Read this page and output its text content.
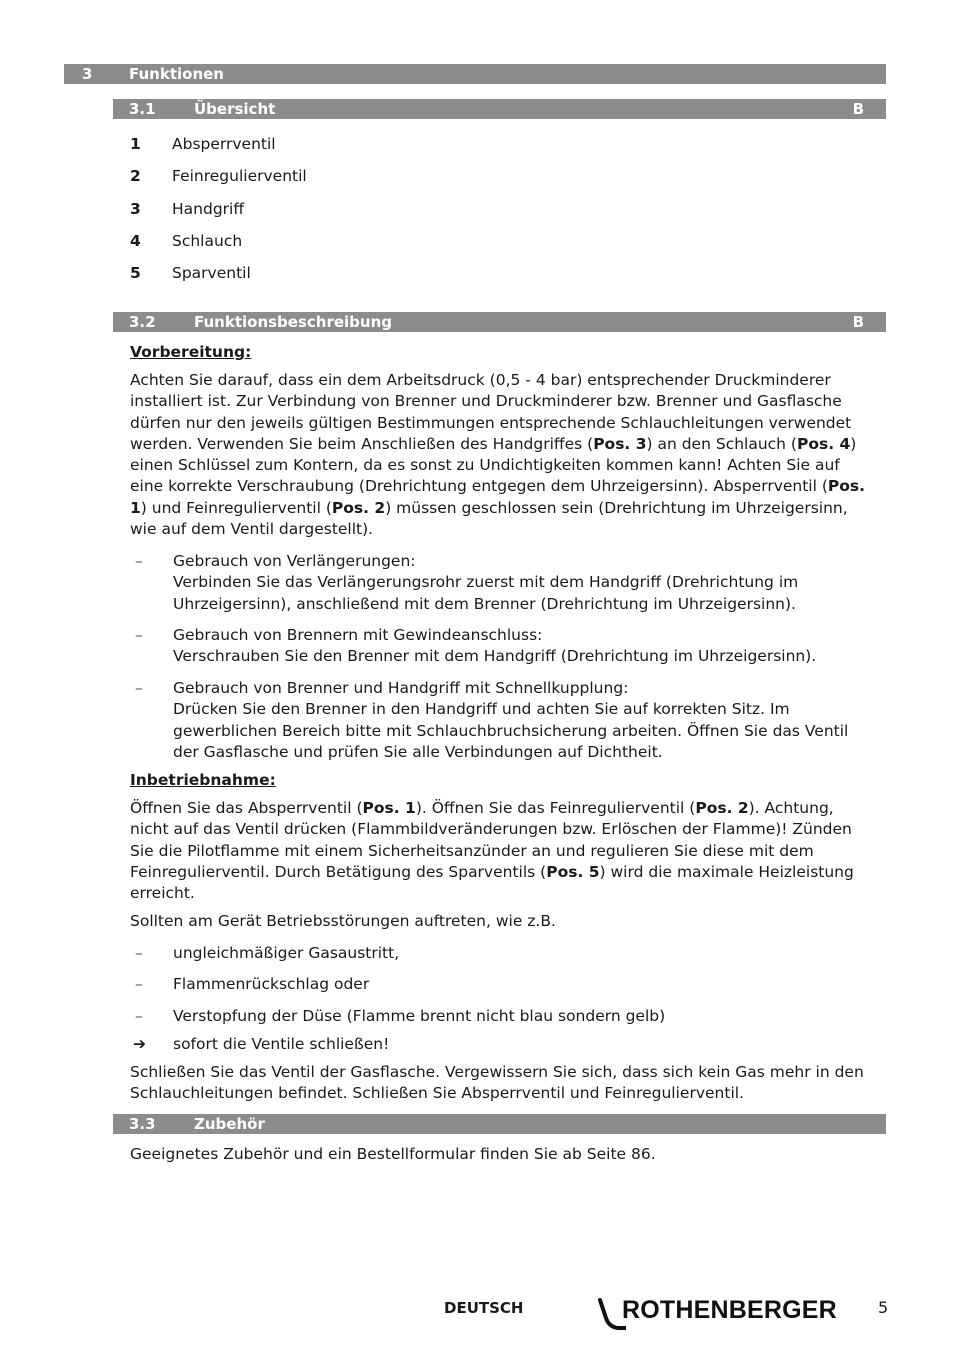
3 Funktionen
3.1	Übersicht	B
1	Absperrventil
2	Feinregulierventil
3	Handgriff
4	Schlauch
5	Sparventil
3.2	Funktionsbeschreibung	B
Vorbereitung:
Achten Sie darauf, dass ein dem Arbeitsdruck (0,5 - 4 bar) entsprechender Druckminderer installiert ist. Zur Verbindung von Brenner und Druckminderer bzw. Brenner und Gasflasche dürfen nur den jeweils gültigen Bestimmungen entsprechende Schlauchleitungen verwendet werden. Verwenden Sie beim Anschließen des Handgriffes (Pos. 3) an den Schlauch (Pos. 4) einen Schlüssel zum Kontern, da es sonst zu Undichtigkeiten kommen kann! Achten Sie auf eine korrekte Verschraubung (Drehrichtung entgegen dem Uhrzeigersinn). Absperrventil (Pos. 1) und Feinregulierventil (Pos. 2) müssen geschlossen sein (Drehrichtung im Uhrzeigersinn, wie auf dem Ventil dargestellt).
– Gebrauch von Verlängerungen:
Verbinden Sie das Verlängerungsrohr zuerst mit dem Handgriff (Drehrichtung im Uhrzeigersinn), anschließend mit dem Brenner (Drehrichtung im Uhrzeigersinn).
– Gebrauch von Brennern mit Gewindeanschluss:
Verschrauben Sie den Brenner mit dem Handgriff (Drehrichtung im Uhrzeigersinn).
– Gebrauch von Brenner und Handgriff mit Schnellkupplung:
Drücken Sie den Brenner in den Handgriff und achten Sie auf korrekten Sitz. Im gewerblichen Bereich bitte mit Schlauchbruchsicherung arbeiten. Öffnen Sie das Ventil der Gasflasche und prüfen Sie alle Verbindungen auf Dichtheit.
Inbetriebnahme:
Öffnen Sie das Absperrventil (Pos. 1). Öffnen Sie das Feinregulierventil (Pos. 2). Achtung, nicht auf das Ventil drücken (Flammbildveränderungen bzw. Erlöschen der Flamme)! Zünden Sie die Pilotflamme mit einem Sicherheitsanzünder an und regulieren Sie diese mit dem Feinregulierventil. Durch Betätigung des Sparventils (Pos. 5) wird die maximale Heizleistung erreicht.
Sollten am Gerät Betriebsstörungen auftreten, wie z.B.
– ungleichmäßiger Gasaustritt,
– Flammenrückschlag oder
– Verstopfung der Düse (Flamme brennt nicht blau sondern gelb)
➔ sofort die Ventile schließen!
Schließen Sie das Ventil der Gasflasche. Vergewissern Sie sich, dass sich kein Gas mehr in den Schlauchleitungen befindet. Schließen Sie Absperrventil und Feinregulierventil.
3.3	Zubehör
Geeignetes Zubehör und ein Bestellformular finden Sie ab Seite 86.
DEUTSCH	ROTHENBERGER	5
